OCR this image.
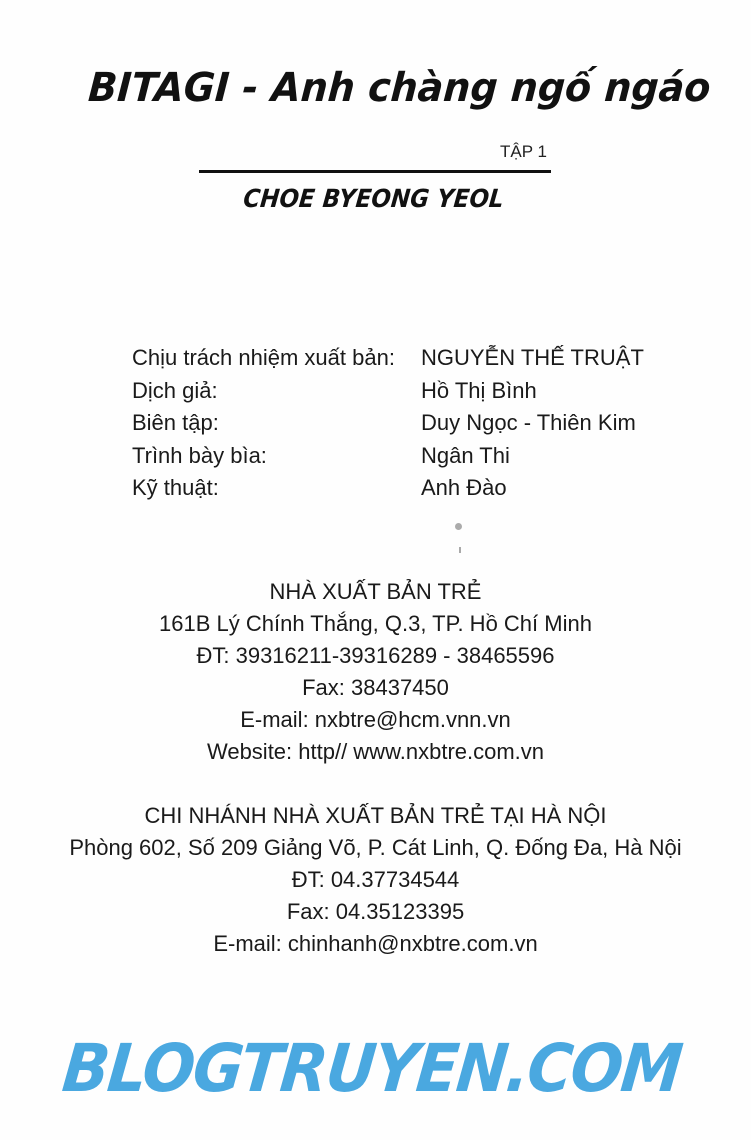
BITAGI - Anh chàng ngố ngáo
TẬP 1
CHOE BYEONG YEOL
Chịu trách nhiệm xuất bản:	NGUYỄN THẾ TRUẬT
Dịch giả:	Hồ Thị Bình
Biên tập:	Duy Ngọc - Thiên Kim
Trình bày bìa:	Ngân Thi
Kỹ thuật:	Anh Đào
NHÀ XUẤT BẢN TRẺ
161B Lý Chính Thắng, Q.3, TP. Hồ Chí Minh
ĐT: 39316211-39316289 - 38465596
Fax: 38437450
E-mail: nxbtre@hcm.vnn.vn
Website: http// www.nxbtre.com.vn
CHI NHÁNH NHÀ XUẤT BẢN TRẺ TẠI HÀ NỘI
Phòng 602, Số 209 Giảng Võ, P. Cát Linh, Q. Đống Đa, Hà Nội
ĐT: 04.37734544
Fax: 04.35123395
E-mail: chinhanh@nxbtre.com.vn
BLOGTRUYEN.COM
